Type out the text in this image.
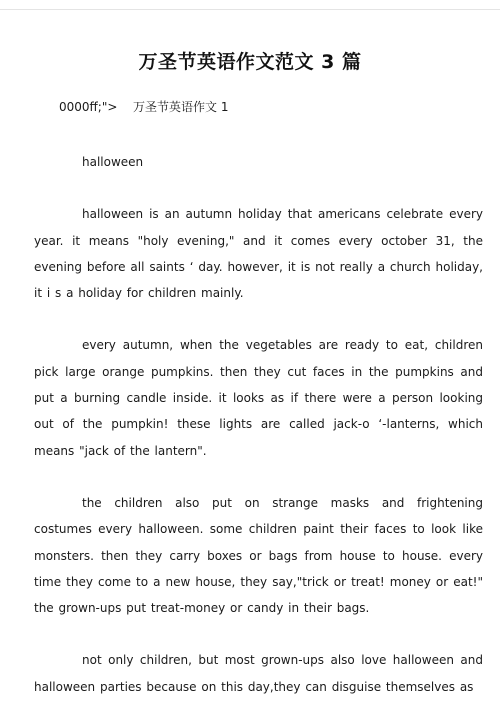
万圣节英语作文范文 3 篇
0000ff;"> 万圣节英语作文 1

halloween

halloween is an autumn holiday that americans celebrate every year. it means "holy evening," and it comes every october 31, the evening before all saints ‘ day. however, it is not really a church holiday, it i s a holiday for children mainly.

every autumn, when the vegetables are ready to eat, children pick large orange pumpkins. then they cut faces in the pumpkins and put a burning candle inside. it looks as if there were a person looking out of the pumpkin! these lights are called jack-o ‘-lanterns, which means "jack of the lantern".

the children also put on strange masks and frightening costumes every halloween. some children paint their faces to look like monsters. then they carry boxes or bags from house to house. every time they come to a new house, they say,"trick or treat! money or eat!" the grown-ups put treat-money or candy in their bags.

not only children, but most grown-ups also love halloween and halloween parties because on this day,they can disguise themselves as
